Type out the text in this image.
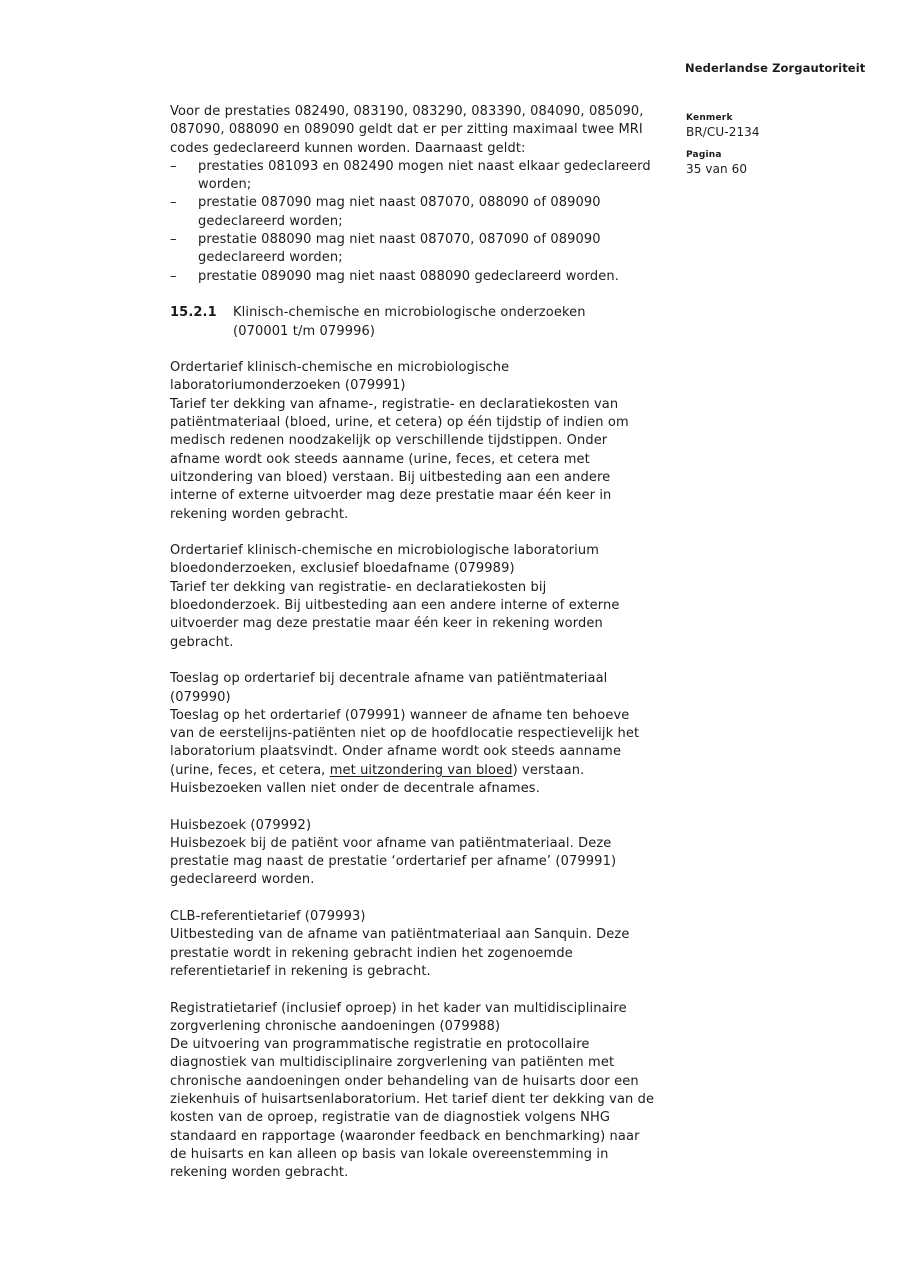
Nederlandse Zorgautoriteit
Kenmerk
BR/CU-2134
Pagina
35 van 60
Voor de prestaties 082490, 083190, 083290, 083390, 084090, 085090,
087090, 088090 en 089090 geldt dat er per zitting maximaal twee MRI
codes gedeclareerd kunnen worden. Daarnaast geldt:
–	prestaties 081093 en 082490 mogen niet naast elkaar gedeclareerd
worden;
–	prestatie 087090 mag niet naast 087070, 088090 of 089090
gedeclareerd worden;
–	prestatie 088090 mag niet naast 087070, 087090 of 089090
gedeclareerd worden;
–	prestatie 089090 mag niet naast 088090 gedeclareerd worden.
15.2.1	Klinisch-chemische en microbiologische onderzoeken
(070001 t/m 079996)
Ordertarief klinisch-chemische en microbiologische
laboratoriumonderzoeken (079991)
Tarief ter dekking van afname-, registratie- en declaratiekosten van
patiëntmateriaal (bloed, urine, et cetera) op één tijdstip of indien om
medisch redenen noodzakelijk op verschillende tijdstippen. Onder
afname wordt ook steeds aanname (urine, feces, et cetera met
uitzondering van bloed) verstaan. Bij uitbesteding aan een andere
interne of externe uitvoerder mag deze prestatie maar één keer in
rekening worden gebracht.
Ordertarief klinisch-chemische en microbiologische laboratorium
bloedonderzoeken, exclusief bloedafname (079989)
Tarief ter dekking van registratie- en declaratiekosten bij
bloedonderzoek. Bij uitbesteding aan een andere interne of externe
uitvoerder mag deze prestatie maar één keer in rekening worden
gebracht.
Toeslag op ordertarief bij decentrale afname van patiëntmateriaal
(079990)
Toeslag op het ordertarief (079991) wanneer de afname ten behoeve
van de eerstelijns-patiënten niet op de hoofdlocatie respectievelijk het
laboratorium plaatsvindt. Onder afname wordt ook steeds aanname
(urine, feces, et cetera, met uitzondering van bloed) verstaan.
Huisbezoeken vallen niet onder de decentrale afnames.
Huisbezoek (079992)
Huisbezoek bij de patiënt voor afname van patiëntmateriaal. Deze
prestatie mag naast de prestatie ‘ordertarief per afname’ (079991)
gedeclareerd worden.
CLB-referentietarief (079993)
Uitbesteding van de afname van patiëntmateriaal aan Sanquin. Deze
prestatie wordt in rekening gebracht indien het zogenoemde
referentietarief in rekening is gebracht.
Registratietarief (inclusief oproep) in het kader van multidisciplinaire
zorgverlening chronische aandoeningen (079988)
De uitvoering van programmatische registratie en protocollaire
diagnostiek van multidisciplinaire zorgverlening van patiënten met
chronische aandoeningen onder behandeling van de huisarts door een
ziekenhuis of huisartsenlaboratorium. Het tarief dient ter dekking van de
kosten van de oproep, registratie van de diagnostiek volgens NHG
standaard en rapportage (waaronder feedback en benchmarking) naar
de huisarts en kan alleen op basis van lokale overeenstemming in
rekening worden gebracht.
